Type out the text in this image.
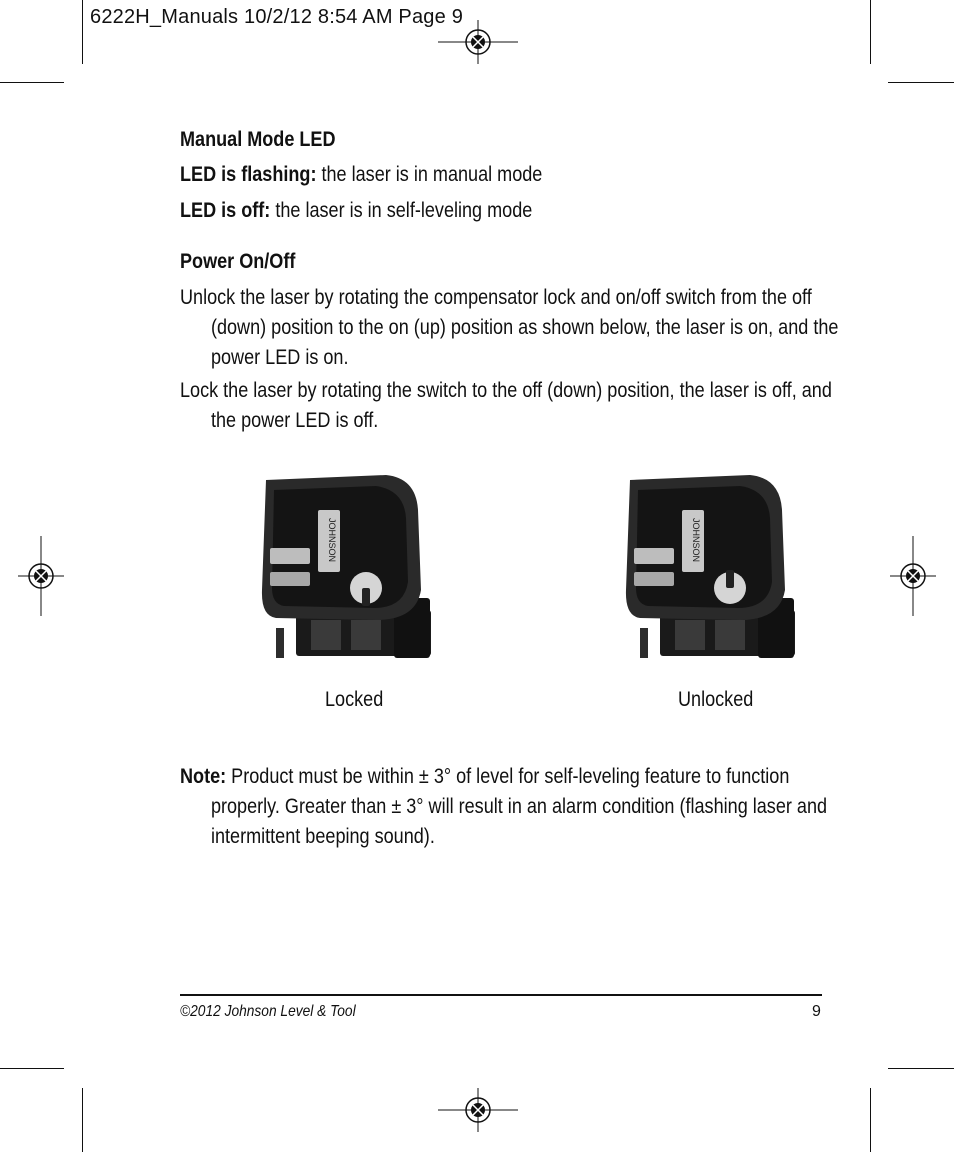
6222H_Manuals 10/2/12 8:54 AM Page 9
Manual Mode LED

LED is flashing: the laser is in manual mode

LED is off: the laser is in self-leveling mode

Power On/Off

Unlock the laser by rotating the compensator lock and on/off switch from the off (down) position to the on (up) position as shown below, the laser is on, and the power LED is on.

Lock the laser by rotating the switch to the off (down) position, the laser is off, and the power LED is off.

JOHNSON	JOHNSON
Locked	Unlocked

Note: Product must be within ± 3° of level for self-leveling feature to function properly. Greater than ± 3° will result in an alarm condition (flashing laser and intermittent beeping sound).

©2012 Johnson Level & Tool	9
